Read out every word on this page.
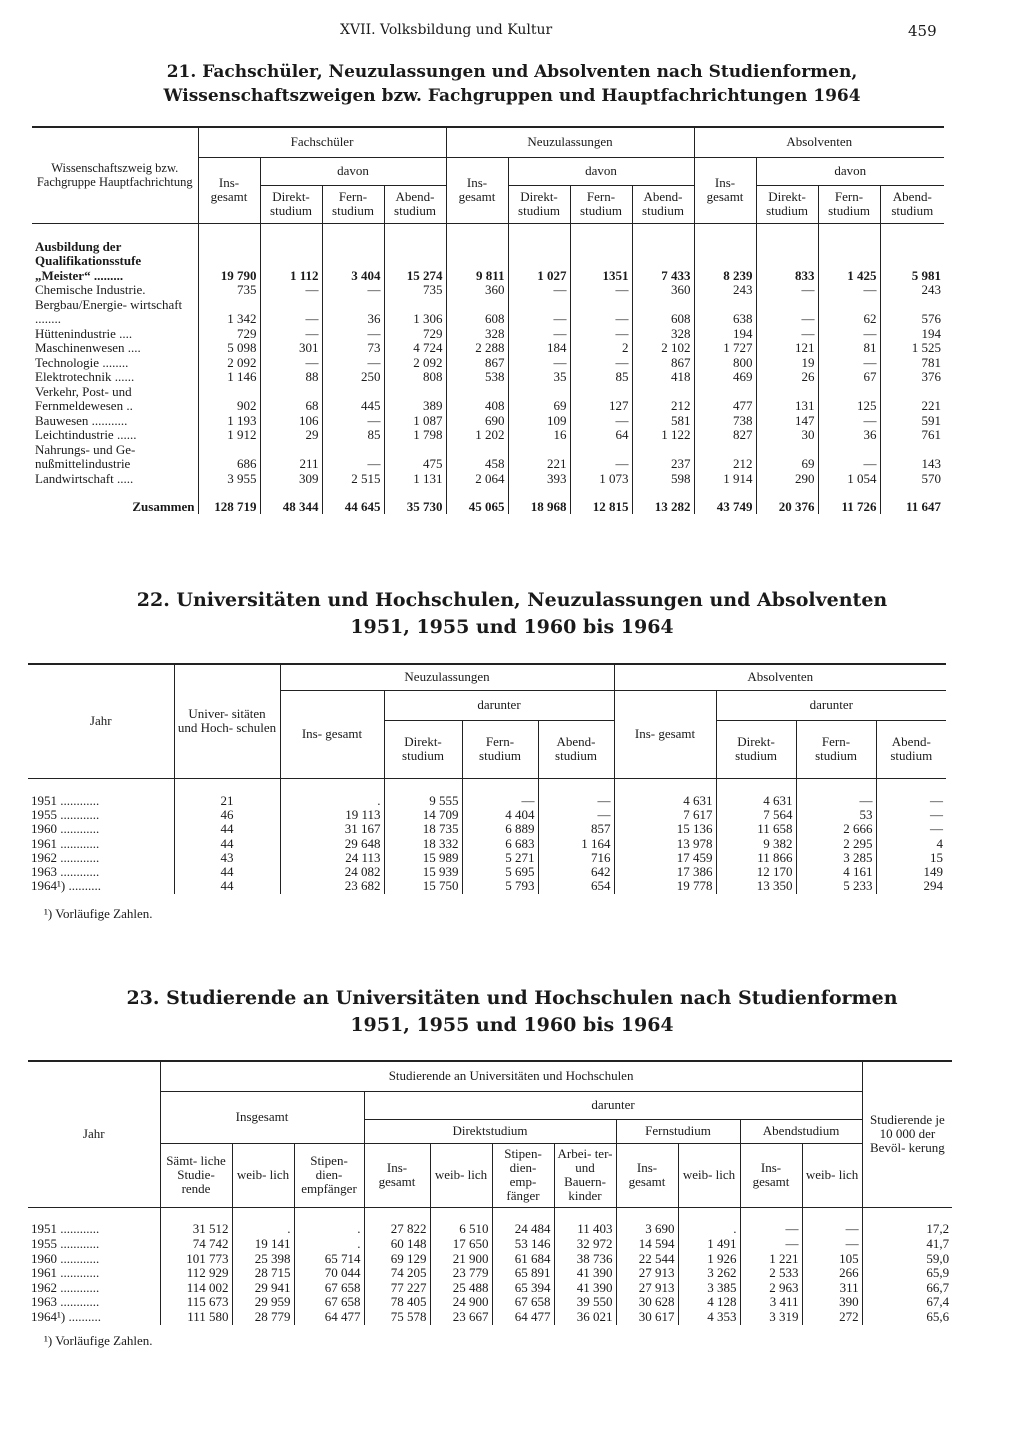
XVII. Volksbildung und Kultur	459
21. Fachschüler, Neuzulassungen und Absolventen nach Studienformen,
Wissenschaftszweigen bzw. Fachgruppen und Hauptfachrichtungen 1964
Wissenschaftszweig bzw. Fachgruppe Hauptfachrichtung	Fachschüler				Neuzulassungen				Absolventen			
	Ins- gesamt	davon			Ins- gesamt	davon			Ins- gesamt	davon		
		Direkt- studium	Fern- studium	Abend- studium		Direkt- studium	Fern- studium	Abend- studium		Direkt- studium	Fern- studium	Abend- studium
Ausbildung der Qualifikationsstufe „Meister“ .........	19 790	1 112	3 404	15 274	9 811	1 027	1351	7 433	8 239	833	1 425	5 981
Chemische Industrie.	735	—	—	735	360	—	—	360	243	—	—	243
Bergbau/Energie- wirtschaft ........	1 342	—	36	1 306	608	—	—	608	638	—	62	576
Hüttenindustrie ....	729	—	—	729	328	—	—	328	194	—	—	194
Maschinenwesen ....	5 098	301	73	4 724	2 288	184	2	2 102	1 727	121	81	1 525
Technologie ........	2 092	—	—	2 092	867	—	—	867	800	19	—	781
Elektrotechnik ......	1 146	88	250	808	538	35	85	418	469	26	67	376
Verkehr, Post- und Fernmeldewesen ..	902	68	445	389	408	69	127	212	477	131	125	221
Bauwesen ...........	1 193	106	—	1 087	690	109	—	581	738	147	—	591
Leichtindustrie ......	1 912	29	85	1 798	1 202	16	64	1 122	827	30	36	761
Nahrungs- und Ge- nußmittelindustrie	686	211	—	475	458	221	—	237	212	69	—	143
Landwirtschaft .....	3 955	309	2 515	1 131	2 064	393	1 073	598	1 914	290	1 054	570
Zusammen	128 719	48 344	44 645	35 730	45 065	18 968	12 815	13 282	43 749	20 376	11 726	11 647
22. Universitäten und Hochschulen, Neuzulassungen und Absolventen
1951, 1955 und 1960 bis 1964
Jahr	Univer- sitäten und Hoch- schulen	Neuzulassungen				Absolventen			
		Ins- gesamt	darunter			Ins- gesamt	darunter		
			Direkt- studium	Fern- studium	Abend- studium		Direkt- studium	Fern- studium	Abend- studium
1951 ............	21	.	9 555	—	—	4 631	4 631	—	—
1955 ............	46	19 113	14 709	4 404	—	7 617	7 564	53	—
1960 ............	44	31 167	18 735	6 889	857	15 136	11 658	2 666	—
1961 ............	44	29 648	18 332	6 683	1 164	13 978	9 382	2 295	4
1962 ............	43	24 113	15 989	5 271	716	17 459	11 866	3 285	15
1963 ............	44	24 082	15 939	5 695	642	17 386	12 170	4 161	149
1964¹) ..........	44	23 682	15 750	5 793	654	19 778	13 350	5 233	294
¹) Vorläufige Zahlen.
23. Studierende an Universitäten und Hochschulen nach Studienformen
1951, 1955 und 1960 bis 1964
Jahr	Studierende an Universitäten und Hochschulen											Studierende je 10 000 der Bevöl- kerung
	Insgesamt			darunter								
				Direktstudium				Fernstudium		Abendstudium		
	Sämt- liche Studie- rende	weib- lich	Stipen- dien- empfänger	Ins- gesamt	weib- lich	Stipen- dien- emp- fänger	Arbei- ter- und Bauern- kinder	Ins- gesamt	weib- lich	Ins- gesamt	weib- lich	
1951 ............	31 512	.	.	27 822	6 510	24 484	11 403	3 690	.	—	—	17,2
1955 ............	74 742	19 141	.	60 148	17 650	53 146	32 972	14 594	1 491	—	—	41,7
1960 ............	101 773	25 398	65 714	69 129	21 900	61 684	38 736	22 544	1 926	1 221	105	59,0
1961 ............	112 929	28 715	70 044	74 205	23 779	65 891	41 390	27 913	3 262	2 533	266	65,9
1962 ............	114 002	29 941	67 658	77 227	25 488	65 394	41 390	27 913	3 385	2 963	311	66,7
1963 ............	115 673	29 959	67 658	78 405	24 900	67 658	39 550	30 628	4 128	3 411	390	67,4
1964¹) ..........	111 580	28 779	64 477	75 578	23 667	64 477	36 021	30 617	4 353	3 319	272	65,6
¹) Vorläufige Zahlen.
